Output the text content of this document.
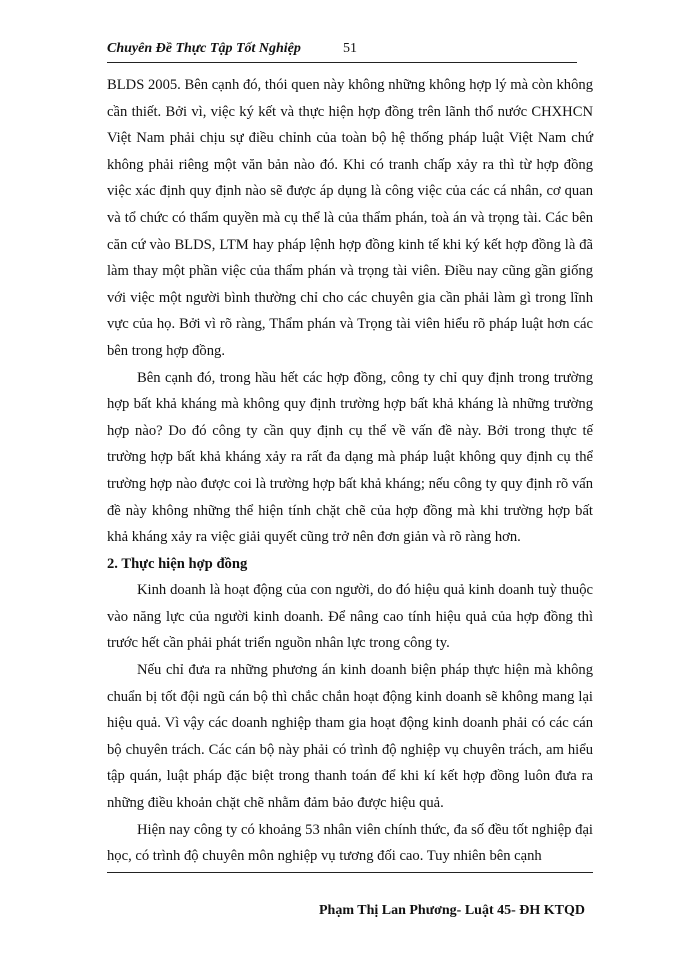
Chuyên Đề Thực Tập Tốt Nghiệp	51

BLDS 2005. Bên cạnh đó, thói quen này không những không hợp lý mà còn không cần thiết. Bởi vì, việc ký kết và thực hiện hợp đồng trên lãnh thổ nước CHXHCN Việt Nam phải chịu sự điều chỉnh của toàn bộ hệ thống pháp luật Việt Nam chứ không phải riêng một văn bản nào đó. Khi có tranh chấp xảy ra thì từ hợp đồng việc xác định quy định nào sẽ được áp dụng là công việc của các cá nhân, cơ quan và tổ chức có thẩm quyền mà cụ thể là của thẩm phán, toà án và trọng tài. Các bên căn cứ vào BLDS, LTM hay pháp lệnh hợp đồng kinh tế khi ký kết hợp đồng là đã làm thay một phần việc của thẩm phán và trọng tài viên. Điều nay cũng gần giống với việc một người bình thường chỉ cho các chuyên gia cần phải làm gì trong lĩnh vực của họ. Bởi vì rõ ràng, Thẩm phán và Trọng tài viên hiểu rõ pháp luật hơn các bên trong hợp đồng.

Bên cạnh đó, trong hầu hết các hợp đồng, công ty chỉ quy định trong trường hợp bất khả kháng mà không quy định trường hợp bất khả kháng là những trường hợp nào? Do đó công ty cần quy định cụ thể về vấn đề này. Bởi trong thực tế trường hợp bất khả kháng xảy ra rất đa dạng mà pháp luật không quy định cụ thể trường hợp nào được coi là trường hợp bất khả kháng; nếu công ty quy định rõ vấn đề này không những thể hiện tính chặt chẽ của hợp đồng mà khi trường hợp bất khả kháng xảy ra việc giải quyết cũng trở nên đơn giản và rõ ràng hơn.

2. Thực hiện hợp đồng

Kinh doanh là hoạt động của con người, do đó hiệu quả kinh doanh tuỳ thuộc vào năng lực của người kinh doanh. Để nâng cao tính hiệu quả của hợp đồng thì trước hết cần phải phát triển nguồn nhân lực trong công ty.

Nếu chỉ đưa ra những phương án kinh doanh biện pháp thực hiện mà không chuẩn bị tốt đội ngũ cán bộ thì chắc chắn hoạt động kinh doanh sẽ không mang lại hiệu quả. Vì vậy các doanh nghiệp tham gia hoạt động kinh doanh phải có các cán bộ chuyên trách. Các cán bộ này phải có trình độ nghiệp vụ chuyên trách, am hiểu tập quán, luật pháp đặc biệt trong thanh toán để khi kí kết hợp đồng luôn đưa ra những điều khoản chặt chẽ nhằm đảm bảo được hiệu quả.

Hiện nay công ty có khoảng 53 nhân viên chính thức, đa số đều tốt nghiệp đại học, có trình độ chuyên môn nghiệp vụ tương đối cao. Tuy nhiên bên cạnh

Phạm Thị Lan Phương- Luật 45- ĐH KTQD
